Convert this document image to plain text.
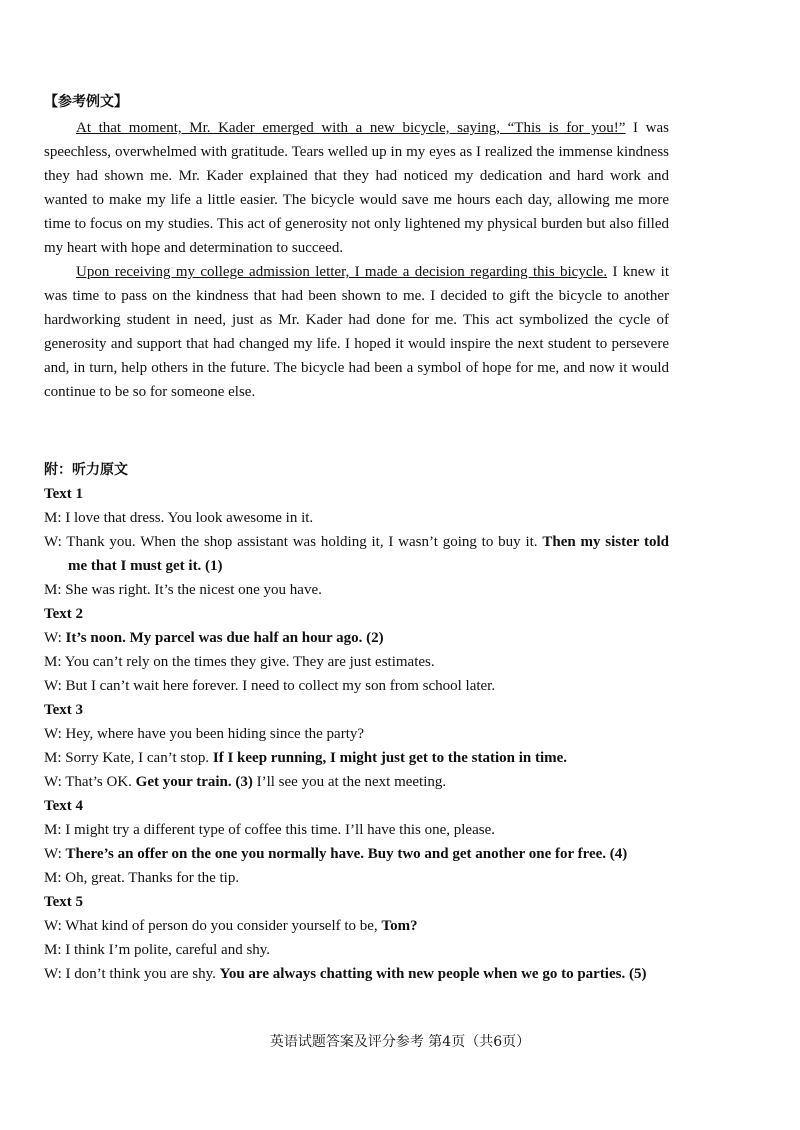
【参考例文】

At that moment, Mr. Kader emerged with a new bicycle, saying, “This is for you!” I was speechless, overwhelmed with gratitude. Tears welled up in my eyes as I realized the immense kindness they had shown me. Mr. Kader explained that they had noticed my dedication and hard work and wanted to make my life a little easier. The bicycle would save me hours each day, allowing me more time to focus on my studies. This act of generosity not only lightened my physical burden but also filled my heart with hope and determination to succeed.

Upon receiving my college admission letter, I made a decision regarding this bicycle. I knew it was time to pass on the kindness that had been shown to me. I decided to gift the bicycle to another hardworking student in need, just as Mr. Kader had done for me. This act symbolized the cycle of generosity and support that had changed my life. I hoped it would inspire the next student to persevere and, in turn, help others in the future. The bicycle had been a symbol of hope for me, and now it would continue to be so for someone else.

附：听力原文

Text 1

M: I love that dress. You look awesome in it.

W: Thank you. When the shop assistant was holding it, I wasn’t going to buy it. Then my sister told me that I must get it. (1)

M: She was right. It’s the nicest one you have.

Text 2

W: It’s noon. My parcel was due half an hour ago. (2)

M: You can’t rely on the times they give. They are just estimates.

W: But I can’t wait here forever. I need to collect my son from school later.

Text 3

W: Hey, where have you been hiding since the party?

M: Sorry Kate, I can’t stop. If I keep running, I might just get to the station in time.

W: That’s OK. Get your train. (3) I’ll see you at the next meeting.

Text 4

M: I might try a different type of coffee this time. I’ll have this one, please.

W: There’s an offer on the one you normally have. Buy two and get another one for free. (4)

M: Oh, great. Thanks for the tip.

Text 5

W: What kind of person do you consider yourself to be, Tom?

M: I think I’m polite, careful and shy.

W: I don’t think you are shy. You are always chatting with new people when we go to parties. (5)

英语试题答案及评分参考 第4页（共6页）
